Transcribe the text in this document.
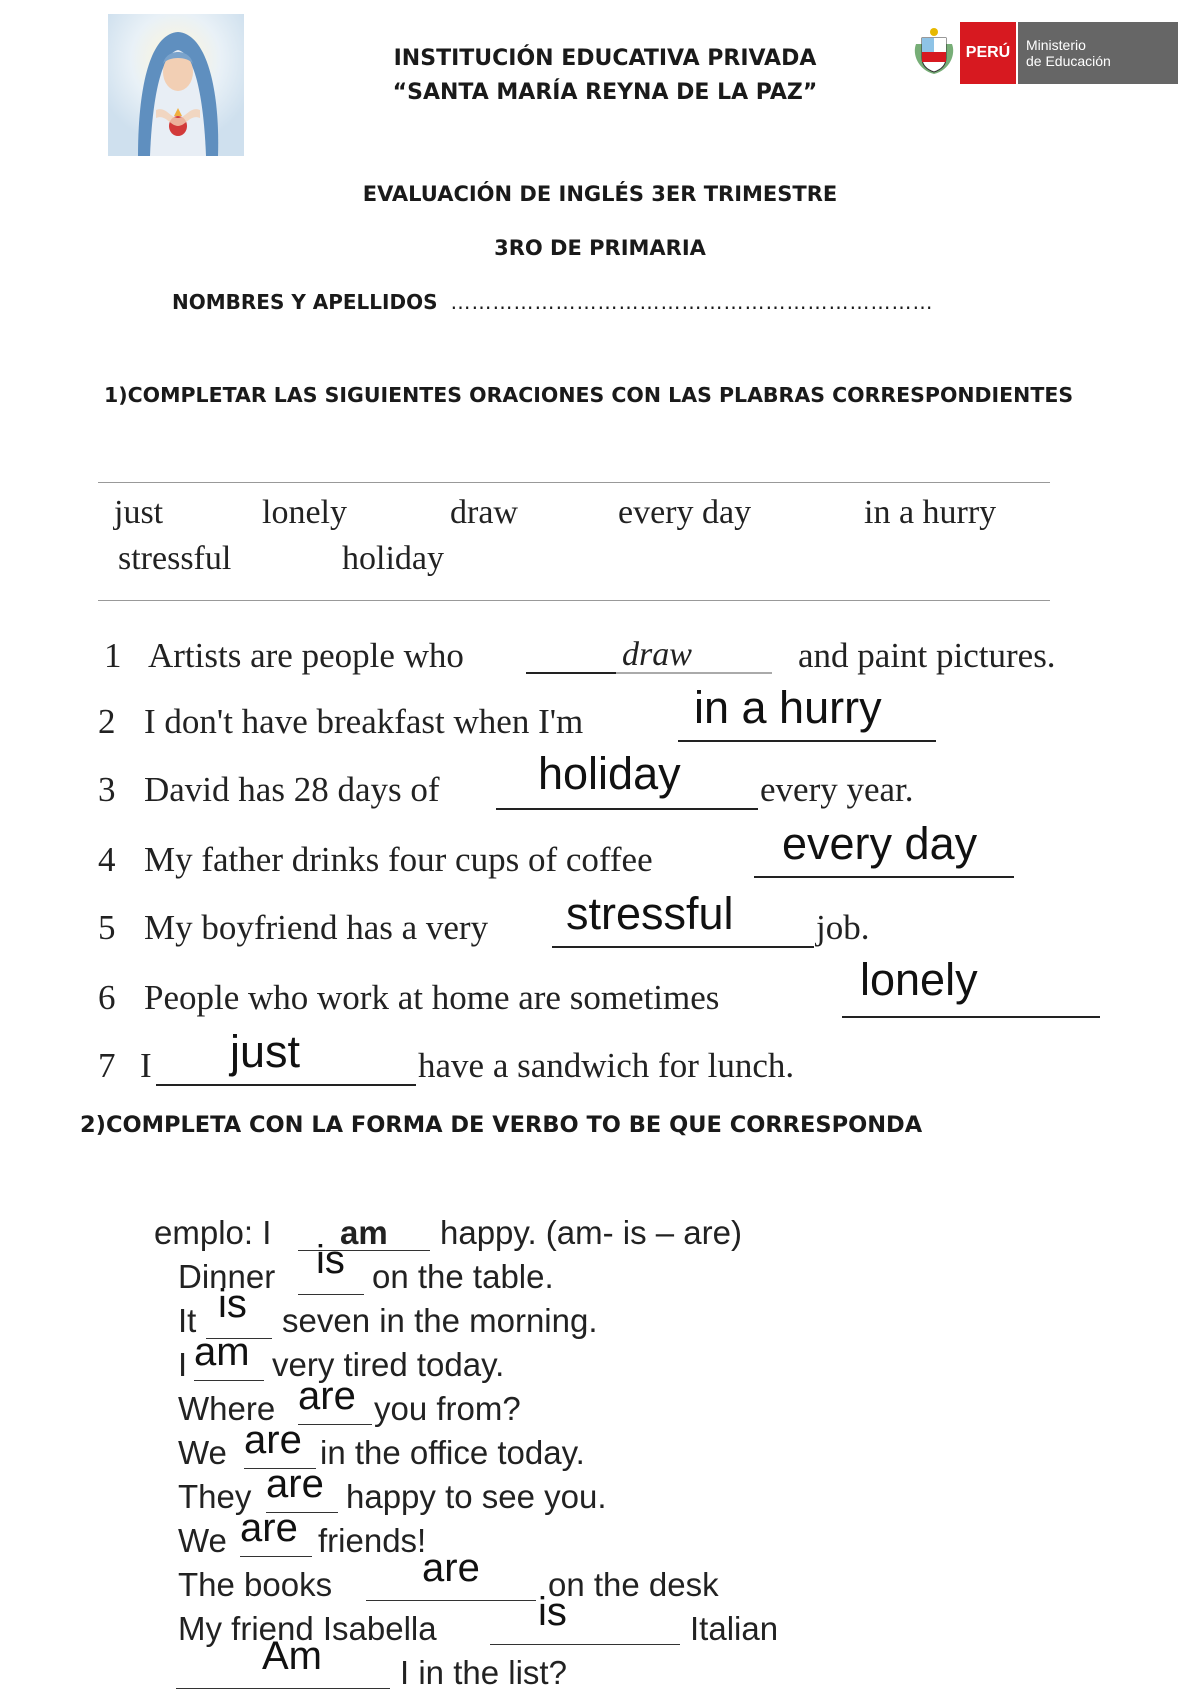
INSTITUCIÓN EDUCATIVA PRIVADA
“SANTA MARÍA REYNA DE LA PAZ”
PERÚ	Ministerio
de Educación
EVALUACIÓN DE INGLÉS 3ER TRIMESTRE
3RO DE PRIMARIA
NOMBRES Y APELLIDOS ……………………………………………………………
1)COMPLETAR LAS SIGUIENTES ORACIONES CON LAS PLABRAS CORRESPONDIENTES
just	lonely	draw	every day	in a hurry
stressful	holiday
1 Artists are people who	draw	and paint pictures.
2 I don't have breakfast when I'm in a hurry
3 David has 28 days of holiday every year.
4 My father drinks four cups of coffee	every day
5 My boyfriend has a very stressful job.
6 People who work at home are sometimes	lonely
7 I just	have a sandwich for lunch.
2)COMPLETA CON LA FORMA DE VERBO TO BE QUE CORRESPONDA
emplo: I am happy. (am- is – are)
Dinner is on the table.
It is seven in the morning.
I am very tired today.
Where are you from?
We are in the office today.
They are happy to see you.
We are friends!
The books are on the desk
My friend Isabella	is	Italian
Am I in the list?
